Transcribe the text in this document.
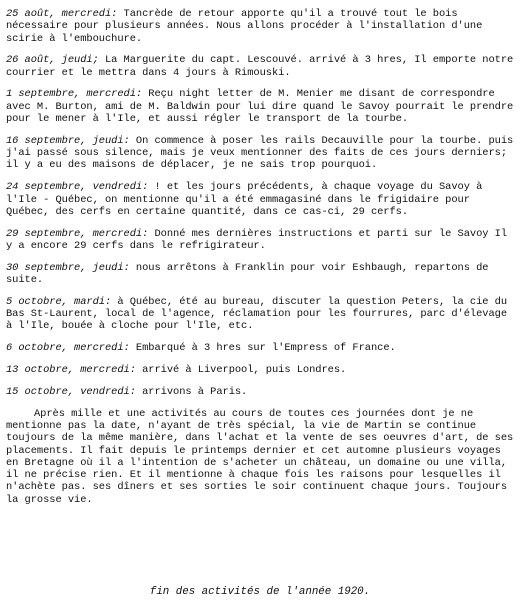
25 août, mercredi: Tancrède de retour apporte qu'il a trouvé tout le bois nécessaire pour plusieurs années. Nous allons procéder à l'installation d'une scirie à l'embouchure.
26 août, jeudi; La Marguerite du capt. Lescouvé. arrivé à 3 hres, Il emporte notre courrier et le mettra dans 4 jours à Rimouski.
1 septembre, mercredi: Reçu night letter de M. Menier me disant de correspondre avec M. Burton, ami de M. Baldwin pour lui dire quand le Savoy pourrait le prendre pour le mener à l'Ile, et aussi régler le transport de la tourbe.
16 septembre, jeudi: On commence à poser les rails Decauville pour la tourbe. puis j'ai passé sous silence, mais je veux mentionner des faits de ces jours derniers; il y a eu des maisons de déplacer, je ne sais trop pourquoi.
24 septembre, vendredi: ! et les jours précédents, à chaque voyage du Savoy à l'Ile - Québec, on mentionne qu'il a été emmagasiné dans le frigidaire pour Québec, des cerfs en certaine quantité, dans ce cas-ci, 29 cerfs.
29 septembre, mercredi: Donné mes dernières instructions et parti sur le Savoy Il y a encore 29 cerfs dans le refrigirateur.
30 septembre, jeudi: nous arrêtons à Franklin pour voir Eshbaugh, repartons de suite.
5 octobre, mardi: à Québec, été au bureau, discuter la question Peters, la cie du Bas St-Laurent, local de l'agence, réclamation pour les fourrures, parc d'élevage à l'Ile, bouée à cloche pour l'Ile, etc.
6 octobre, mercredi: Embarqué à 3 hres sur l'Empress of France.
13 octobre, mercredi: arrivé à Liverpool, puis Londres.
15 octobre, vendredi: arrivons à Paris.

Après mille et une activités au cours de toutes ces journées dont je ne mentionne pas la date, n'ayant de très spécial, la vie de Martin se continue toujours de la même manière, dans l'achat et la vente de ses oeuvres d'art, de ses placements. Il fait depuis le printemps dernier et cet automne plusieurs voyages en Bretagne où il a l'intention de s'acheter un château, un domaine ou une villa, il ne précise rien. Et il mentionne à chaque fois les raisons pour lesquelles il n'achète pas. ses dîners et ses sorties le soir continuent chaque jours. Toujours la grosse vie.

fin des activités de l'année 1920.
